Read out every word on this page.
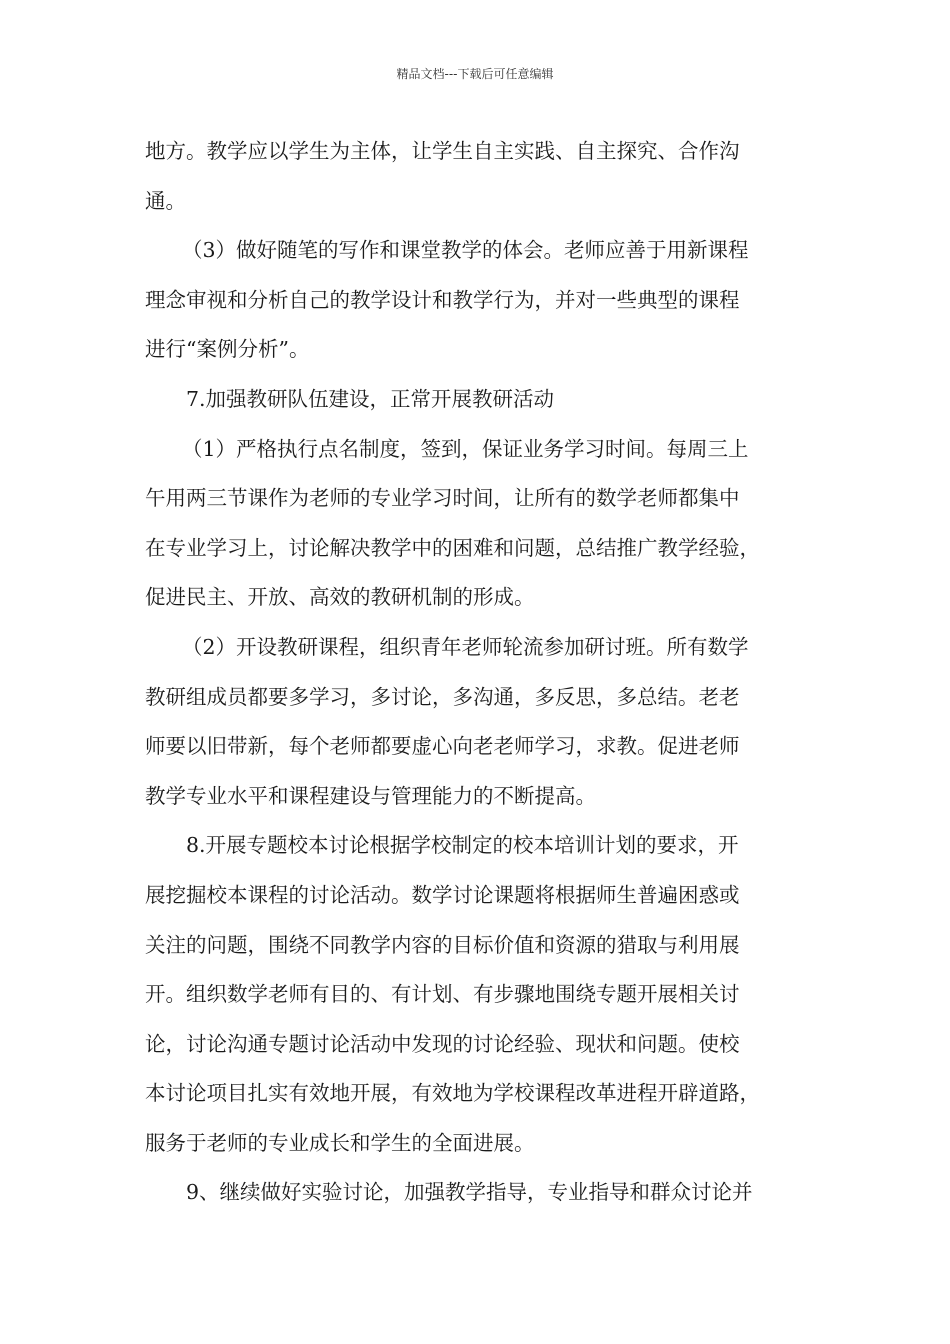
精品文档---下载后可任意编辑
地方。教学应以学生为主体，让学生自主实践、自主探究、合作沟
通。
（3）做好随笔的写作和课堂教学的体会。老师应善于用新课程
理念审视和分析自己的教学设计和教学行为，并对一些典型的课程
进行“案例分析”。
7.加强教研队伍建设，正常开展教研活动
（1）严格执行点名制度，签到，保证业务学习时间。每周三上
午用两三节课作为老师的专业学习时间，让所有的数学老师都集中
在专业学习上，讨论解决教学中的困难和问题，总结推广教学经验，
促进民主、开放、高效的教研机制的形成。
（2）开设教研课程，组织青年老师轮流参加研讨班。所有数学
教研组成员都要多学习，多讨论，多沟通，多反思，多总结。老老
师要以旧带新，每个老师都要虚心向老老师学习，求教。促进老师
教学专业水平和课程建设与管理能力的不断提高。
8.开展专题校本讨论根据学校制定的校本培训计划的要求，开
展挖掘校本课程的讨论活动。数学讨论课题将根据师生普遍困惑或
关注的问题，围绕不同教学内容的目标价值和资源的猎取与利用展
开。组织数学老师有目的、有计划、有步骤地围绕专题开展相关讨
论，讨论沟通专题讨论活动中发现的讨论经验、现状和问题。使校
本讨论项目扎实有效地开展，有效地为学校课程改革进程开辟道路，
服务于老师的专业成长和学生的全面进展。
9、继续做好实验讨论，加强教学指导，专业指导和群众讨论并
